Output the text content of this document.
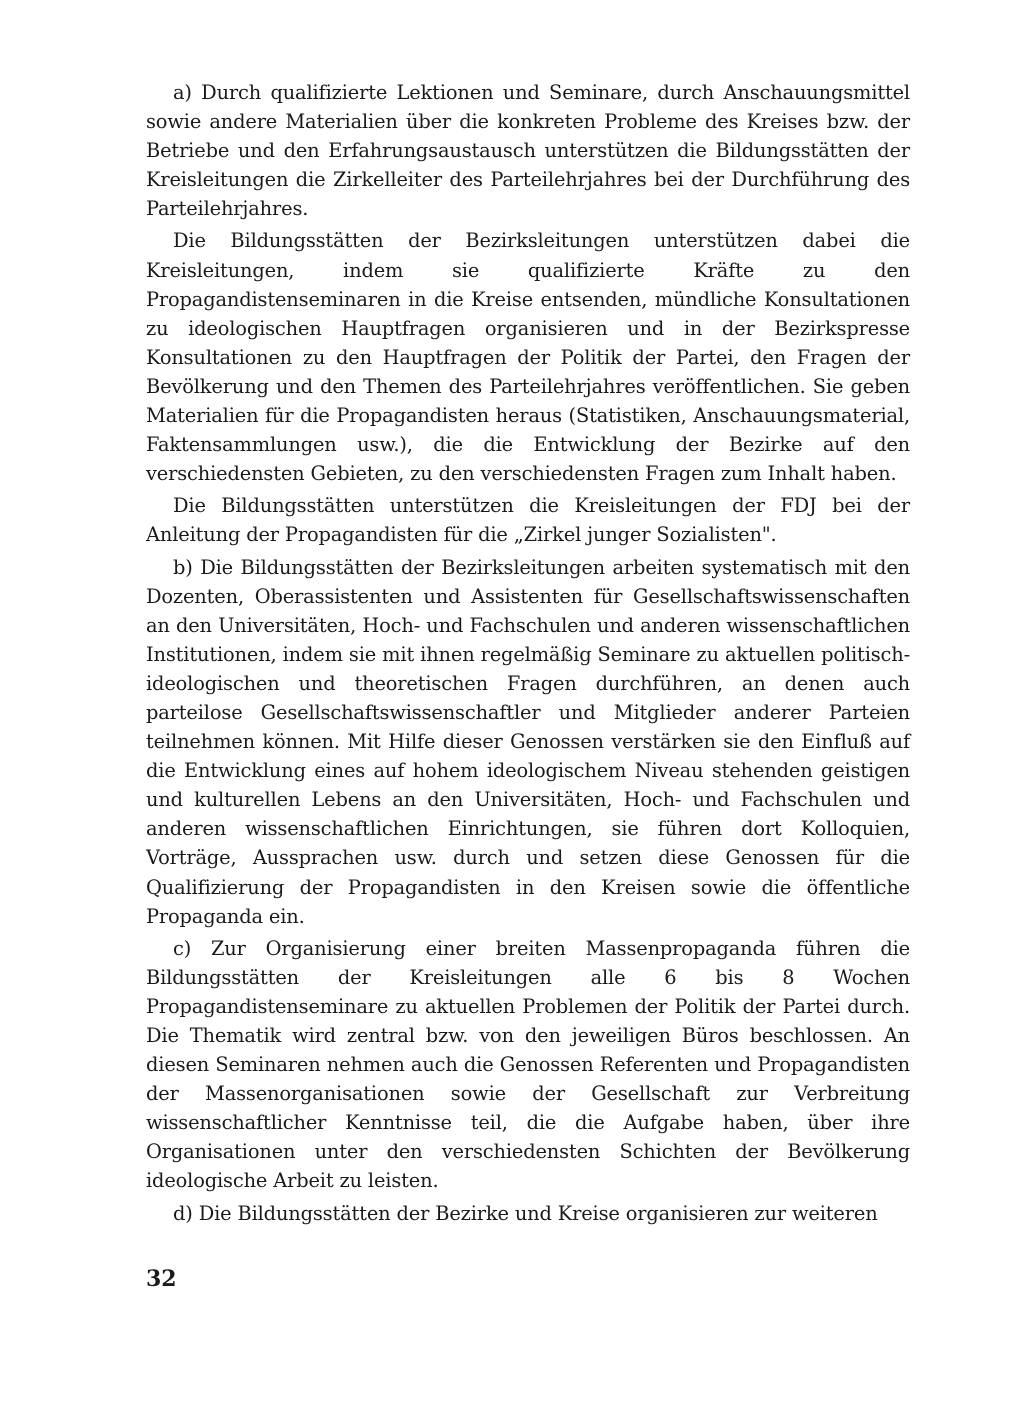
a) Durch qualifizierte Lektionen und Seminare, durch Anschauungsmittel sowie andere Materialien über die konkreten Probleme des Kreises bzw. der Betriebe und den Erfahrungsaustausch unterstützen die Bildungsstätten der Kreisleitungen die Zirkelleiter des Parteilehrjahres bei der Durchführung des Parteilehrjahres.

Die Bildungsstätten der Bezirksleitungen unterstützen dabei die Kreisleitungen, indem sie qualifizierte Kräfte zu den Propagandistenseminaren in die Kreise entsenden, mündliche Konsultationen zu ideologischen Hauptfragen organisieren und in der Bezirkspresse Konsultationen zu den Hauptfragen der Politik der Partei, den Fragen der Bevölkerung und den Themen des Parteilehrjahres veröffentlichen. Sie geben Materialien für die Propagandisten heraus (Statistiken, Anschauungsmaterial, Faktensammlungen usw.), die die Entwicklung der Bezirke auf den verschiedensten Gebieten, zu den verschiedensten Fragen zum Inhalt haben.

Die Bildungsstätten unterstützen die Kreisleitungen der FDJ bei der Anleitung der Propagandisten für die „Zirkel junger Sozialisten".

b) Die Bildungsstätten der Bezirksleitungen arbeiten systematisch mit den Dozenten, Oberassistenten und Assistenten für Gesellschaftswissenschaften an den Universitäten, Hoch- und Fachschulen und anderen wissenschaftlichen Institutionen, indem sie mit ihnen regelmäßig Seminare zu aktuellen politisch-ideologischen und theoretischen Fragen durchführen, an denen auch parteilose Gesellschaftswissenschaftler und Mitglieder anderer Parteien teilnehmen können. Mit Hilfe dieser Genossen verstärken sie den Einfluß auf die Entwicklung eines auf hohem ideologischem Niveau stehenden geistigen und kulturellen Lebens an den Universitäten, Hoch- und Fachschulen und anderen wissenschaftlichen Einrichtungen, sie führen dort Kolloquien, Vorträge, Aussprachen usw. durch und setzen diese Genossen für die Qualifizierung der Propagandisten in den Kreisen sowie die öffentliche Propaganda ein.

c) Zur Organisierung einer breiten Massenpropaganda führen die Bildungsstätten der Kreisleitungen alle 6 bis 8 Wochen Propagandistenseminare zu aktuellen Problemen der Politik der Partei durch. Die Thematik wird zentral bzw. von den jeweiligen Büros beschlossen. An diesen Seminaren nehmen auch die Genossen Referenten und Propagandisten der Massenorganisationen sowie der Gesellschaft zur Verbreitung wissenschaftlicher Kenntnisse teil, die die Aufgabe haben, über ihre Organisationen unter den verschiedensten Schichten der Bevölkerung ideologische Arbeit zu leisten.

d) Die Bildungsstätten der Bezirke und Kreise organisieren zur weiteren

32
